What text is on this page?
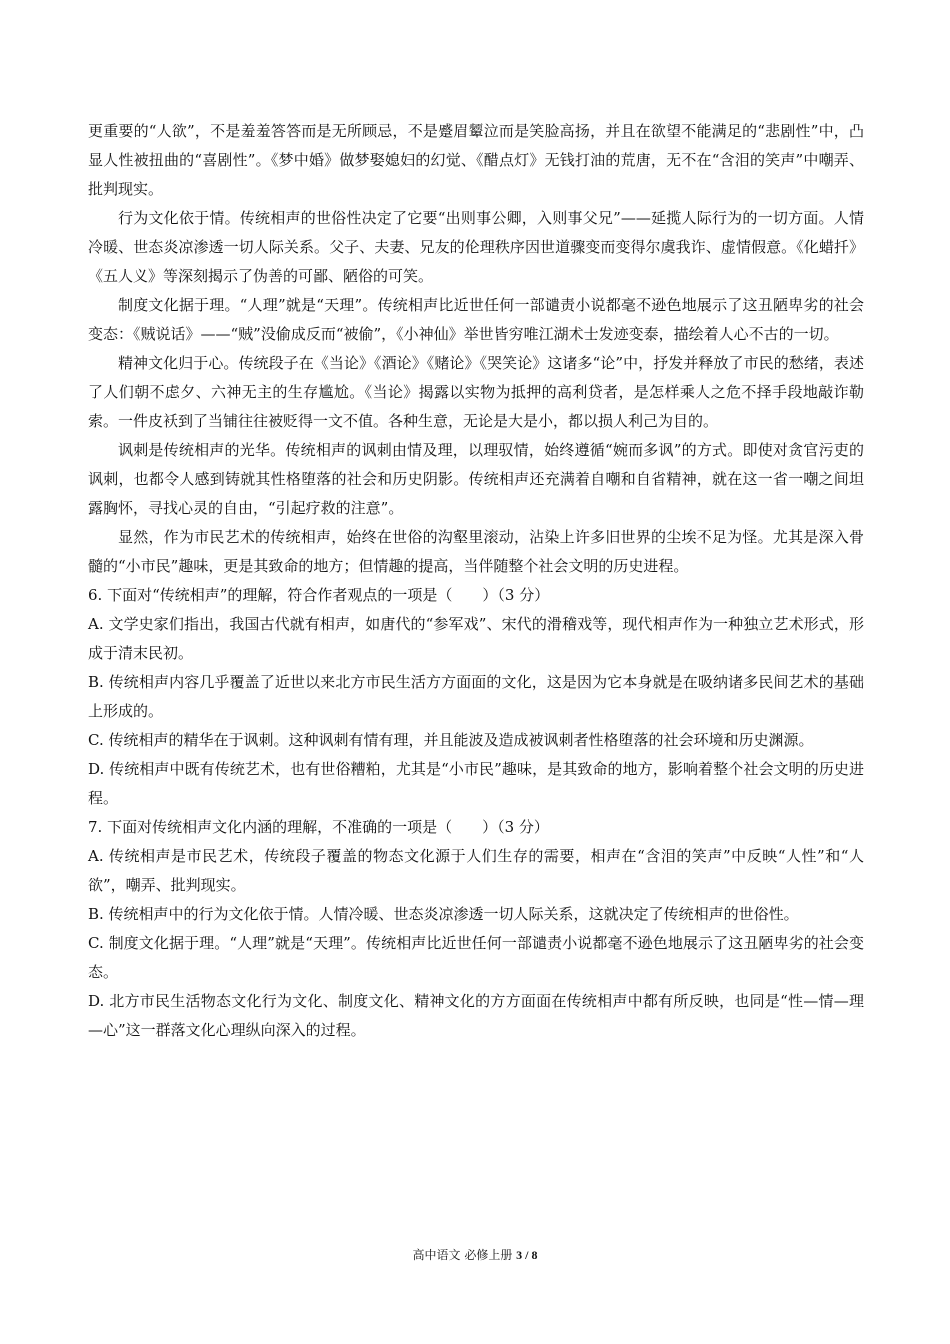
更重要的“人欲”，不是羞羞答答而是无所顾忌，不是蹙眉颦泣而是笑脸高扬，并且在欲望不能满足的“悲剧性”中，凸显人性被扭曲的“喜剧性”。《梦中婚》做梦娶媳妇的幻觉、《醋点灯》无钱打油的荒唐，无不在“含泪的笑声”中嘲弄、批判现实。

行为文化依于情。传统相声的世俗性决定了它要“出则事公卿，入则事父兄”——延揽人际行为的一切方面。人情冷暖、世态炎凉渗透一切人际关系。父子、夫妻、兄友的伦理秩序因世道骤变而变得尔虞我诈、虚情假意。《化蜡扦》《五人义》等深刻揭示了伪善的可鄙、陋俗的可笑。

制度文化据于理。“人理”就是“天理”。传统相声比近世任何一部谴责小说都毫不逊色地展示了这丑陋卑劣的社会变态：《贼说话》——“贼”没偷成反而“被偷”，《小神仙》举世皆穷唯江湖术士发迹变泰，描绘着人心不古的一切。

精神文化归于心。传统段子在《当论》《酒论》《赌论》《哭笑论》这诸多“论”中，抒发并释放了市民的愁绪，表述了人们朝不虑夕、六神无主的生存尴尬。《当论》揭露以实物为抵押的高利贷者，是怎样乘人之危不择手段地敲诈勒索。一件皮袄到了当铺往往被贬得一文不值。各种生意，无论是大是小，都以损人利己为目的。

讽刺是传统相声的光华。传统相声的讽刺由情及理，以理驭情，始终遵循“婉而多讽”的方式。即使对贪官污吏的讽刺，也都令人感到铸就其性格堕落的社会和历史阴影。传统相声还充满着自嘲和自省精神，就在这一省一嘲之间坦露胸怀，寻找心灵的自由，“引起疗救的注意”。

显然，作为市民艺术的传统相声，始终在世俗的沟壑里滚动，沾染上许多旧世界的尘埃不足为怪。尤其是深入骨髓的“小市民”趣味，更是其致命的地方；但情趣的提高，当伴随整个社会文明的历史进程。

6. 下面对“传统相声”的理解，符合作者观点的一项是（　　）（3 分）

A. 文学史家们指出，我国古代就有相声，如唐代的“参军戏”、宋代的滑稽戏等，现代相声作为一种独立艺术形式，形成于清末民初。

B. 传统相声内容几乎覆盖了近世以来北方市民生活方方面面的文化，这是因为它本身就是在吸纳诸多民间艺术的基础上形成的。

C. 传统相声的精华在于讽刺。这种讽刺有情有理，并且能波及造成被讽刺者性格堕落的社会环境和历史渊源。

D. 传统相声中既有传统艺术，也有世俗糟粕，尤其是“小市民”趣味，是其致命的地方，影响着整个社会文明的历史进程。

7. 下面对传统相声文化内涵的理解，不准确的一项是（　　）（3 分）

A. 传统相声是市民艺术，传统段子覆盖的物态文化源于人们生存的需要，相声在“含泪的笑声”中反映“人性”和“人欲”，嘲弄、批判现实。

B. 传统相声中的行为文化依于情。人情冷暖、世态炎凉渗透一切人际关系，这就决定了传统相声的世俗性。

C. 制度文化据于理。“人理”就是“天理”。传统相声比近世任何一部谴责小说都毫不逊色地展示了这丑陋卑劣的社会变态。

D. 北方市民生活物态文化行为文化、制度文化、精神文化的方方面面在传统相声中都有所反映，也同是“性—情—理—心”这一群落文化心理纵向深入的过程。

高中语文 必修上册 3 / 8
